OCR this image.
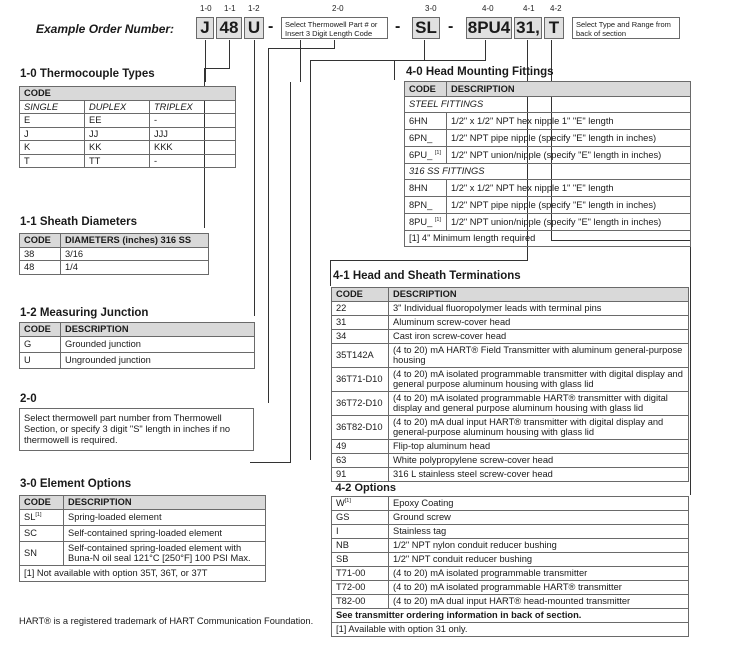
Example Order Number:
1-0 1-1 1-2	2-0	3-0	4-0	4-1 4-2
J 48 U -	Select Thermowell Part # or Insert 3 Digit Length Code	- SL - 8PU4 31, T	Select Type and Range from back of section
1-0 Thermocouple Types
CODE		
SINGLE	DUPLEX	TRIPLEX
E	EE	-
J	JJ	JJJ
K	KK	KKK
T	TT	-
1-1 Sheath Diameters
CODE	DIAMETERS (inches) 316 SS
38	3/16
48	1/4
1-2 Measuring Junction
CODE	DESCRIPTION
G	Grounded junction
U	Ungrounded junction
2-0
Select thermowell part number from Thermowell Section, or specify 3 digit "S" length in inches if no thermowell is required.
3-0 Element Options
CODE	DESCRIPTION
SL[1]	Spring-loaded element
SC	Self-contained spring-loaded element
SN	Self-contained spring-loaded element with Buna-N oil seal 121°C [250°F] 100 PSI Max.
[1] Not available with option 35T, 36T, or 37T	
HART® is a registered trademark of HART Communication Foundation.
4-0 Head Mounting Fittings
CODE	DESCRIPTION
STEEL FITTINGS	
6HN	1/2" x 1/2" NPT hex nipple 1" "E" length
6PN_	1/2" NPT pipe nipple (specify "E" length in inches)
6PU_ [1]	1/2" NPT union/nipple (specify "E" length in inches)
316 SS FITTINGS	
8HN	1/2" x 1/2" NPT hex nipple 1" "E" length
8PN_	1/2" NPT pipe nipple (specify "E" length in inches)
8PU_ [1]	1/2" NPT union/nipple (specify "E" length in inches)
[1] 4" Minimum length required	
4-1 Head and Sheath Terminations
CODE	DESCRIPTION
22	3" Individual fluoropolymer leads with terminal pins
31	Aluminum screw-cover head
34	Cast iron screw-cover head
35T142A	(4 to 20) mA HART® Field Transmitter with aluminum general-purpose housing
36T71-D10	(4 to 20) mA isolated programmable transmitter with digital display and general purpose aluminum housing with glass lid
36T72-D10	(4 to 20) mA isolated programmable HART® transmitter with digital display and general purpose aluminum housing with glass lid
36T82-D10	(4 to 20) mA dual input HART® transmitter with digital display and general-purpose aluminum housing with glass lid
49	Flip-top aluminum head
63	White polypropylene screw-cover head
91	316 L stainless steel screw-cover head
4-2 Options	
W[1]	Epoxy Coating
GS	Ground screw
I	Stainless tag
NB	1/2" NPT nylon conduit reducer bushing
SB	1/2" NPT conduit reducer bushing
T71-00	(4 to 20) mA isolated programmable transmitter
T72-00	(4 to 20) mA isolated programmable HART® transmitter
T82-00	(4 to 20) mA dual input HART® head-mounted transmitter
See transmitter ordering information in back of section.	
[1] Available with option 31 only.	
